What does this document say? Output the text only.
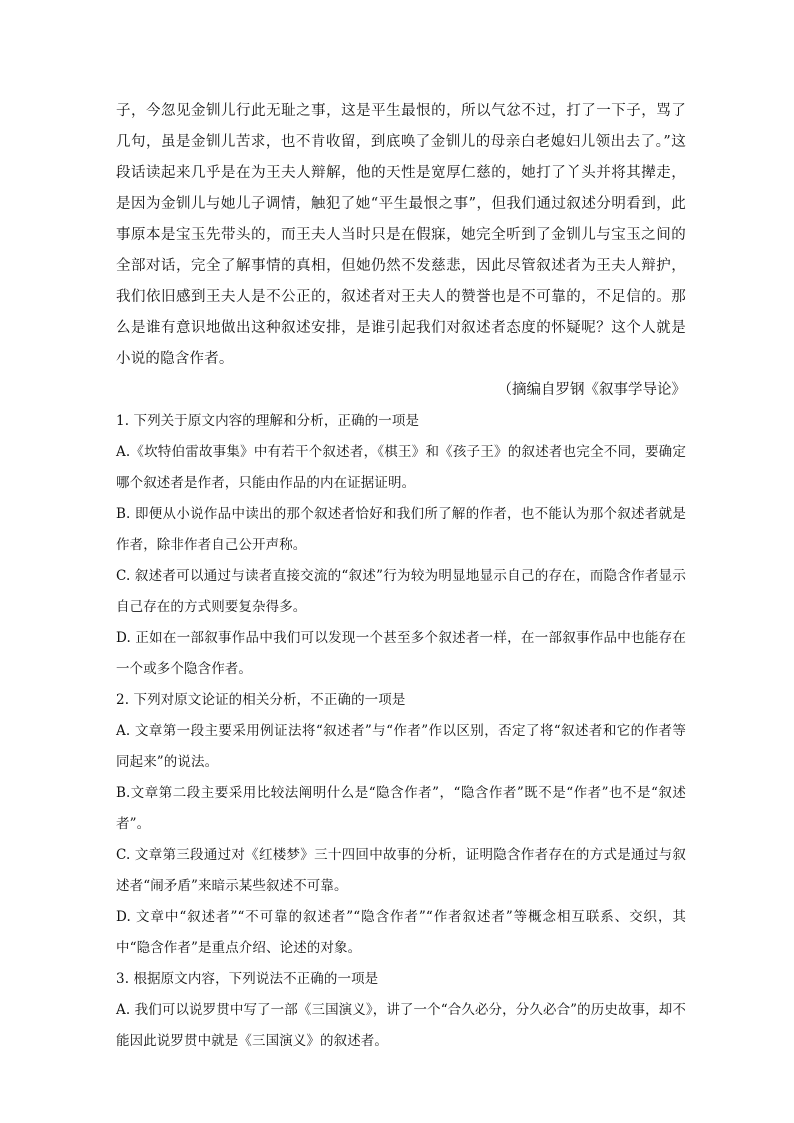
子，今忽见金钏儿行此无耻之事，这是平生最恨的，所以气忿不过，打了一下子，骂了几句，虽是金钏儿苦求，也不肯收留，到底唤了金钏儿的母亲白老媳妇儿领出去了。”这段话读起来几乎是在为王夫人辩解，他的天性是宽厚仁慈的，她打了丫头并将其撵走，是因为金钏儿与她儿子调情，触犯了她“平生最恨之事”，但我们通过叙述分明看到，此事原本是宝玉先带头的，而王夫人当时只是在假寐，她完全听到了金钏儿与宝玉之间的全部对话，完全了解事情的真相，但她仍然不发慈悲，因此尽管叙述者为王夫人辩护，我们依旧感到王夫人是不公正的，叙述者对王夫人的赞誉也是不可靠的，不足信的。那么是谁有意识地做出这种叙述安排，是谁引起我们对叙述者态度的怀疑呢？这个人就是小说的隐含作者。

（摘编自罗钢《叙事学导论》

1. 下列关于原文内容的理解和分析，正确的一项是

A.《坎特伯雷故事集》中有若干个叙述者，《棋王》和《孩子王》的叙述者也完全不同，要确定哪个叙述者是作者，只能由作品的内在证据证明。

B. 即便从小说作品中读出的那个叙述者恰好和我们所了解的作者，也不能认为那个叙述者就是作者，除非作者自己公开声称。

C. 叙述者可以通过与读者直接交流的“叙述”行为较为明显地显示自己的存在，而隐含作者显示自己存在的方式则要复杂得多。

D. 正如在一部叙事作品中我们可以发现一个甚至多个叙述者一样，在一部叙事作品中也能存在一个或多个隐含作者。

2. 下列对原文论证的相关分析，不正确的一项是

A. 文章第一段主要采用例证法将“叙述者”与“作者”作以区别，否定了将“叙述者和它的作者等同起来”的说法。

B.文章第二段主要采用比较法阐明什么是“隐含作者”，“隐含作者”既不是“作者”也不是“叙述者”。

C. 文章第三段通过对《红楼梦》三十四回中故事的分析，证明隐含作者存在的方式是通过与叙述者“闹矛盾”来暗示某些叙述不可靠。

D. 文章中“叙述者”“不可靠的叙述者”“隐含作者”“作者叙述者”等概念相互联系、交织，其中“隐含作者”是重点介绍、论述的对象。

3. 根据原文内容，下列说法不正确的一项是

A. 我们可以说罗贯中写了一部《三国演义》，讲了一个“合久必分，分久必合”的历史故事，却不能因此说罗贯中就是《三国演义》的叙述者。
